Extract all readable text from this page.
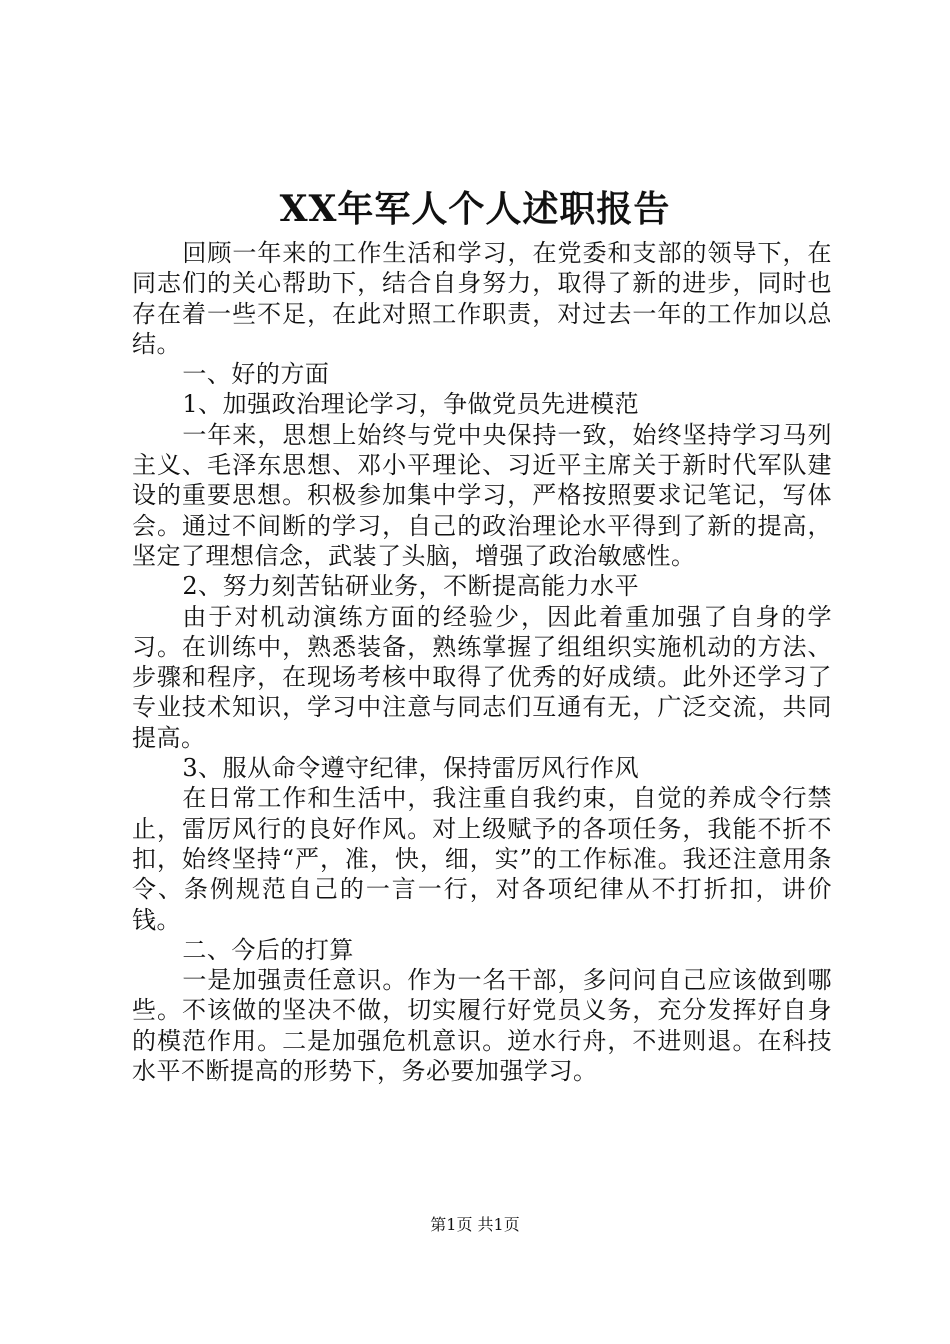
XX年军人个人述职报告

回顾一年来的工作生活和学习，在党委和支部的领导下，在同志们的关心帮助下，结合自身努力，取得了新的进步，同时也存在着一些不足，在此对照工作职责，对过去一年的工作加以总结。

一、好的方面

1、加强政治理论学习，争做党员先进模范

一年来，思想上始终与党中央保持一致，始终坚持学习马列主义、毛泽东思想、邓小平理论、习近平主席关于新时代军队建设的重要思想。积极参加集中学习，严格按照要求记笔记，写体会。通过不间断的学习，自己的政治理论水平得到了新的提高，坚定了理想信念，武装了头脑，增强了政治敏感性。

2、努力刻苦钻研业务，不断提高能力水平

由于对机动演练方面的经验少，因此着重加强了自身的学习。在训练中，熟悉装备，熟练掌握了组组织实施机动的方法、步骤和程序，在现场考核中取得了优秀的好成绩。此外还学习了专业技术知识，学习中注意与同志们互通有无，广泛交流，共同提高。

3、服从命令遵守纪律，保持雷厉风行作风

在日常工作和生活中，我注重自我约束，自觉的养成令行禁止，雷厉风行的良好作风。对上级赋予的各项任务，我能不折不扣，始终坚持“严，准，快，细，实”的工作标准。我还注意用条令、条例规范自己的一言一行，对各项纪律从不打折扣，讲价钱。

二、今后的打算

一是加强责任意识。作为一名干部，多问问自己应该做到哪些。不该做的坚决不做，切实履行好党员义务，充分发挥好自身的模范作用。二是加强危机意识。逆水行舟，不进则退。在科技水平不断提高的形势下，务必要加强学习。

第1页 共1页
